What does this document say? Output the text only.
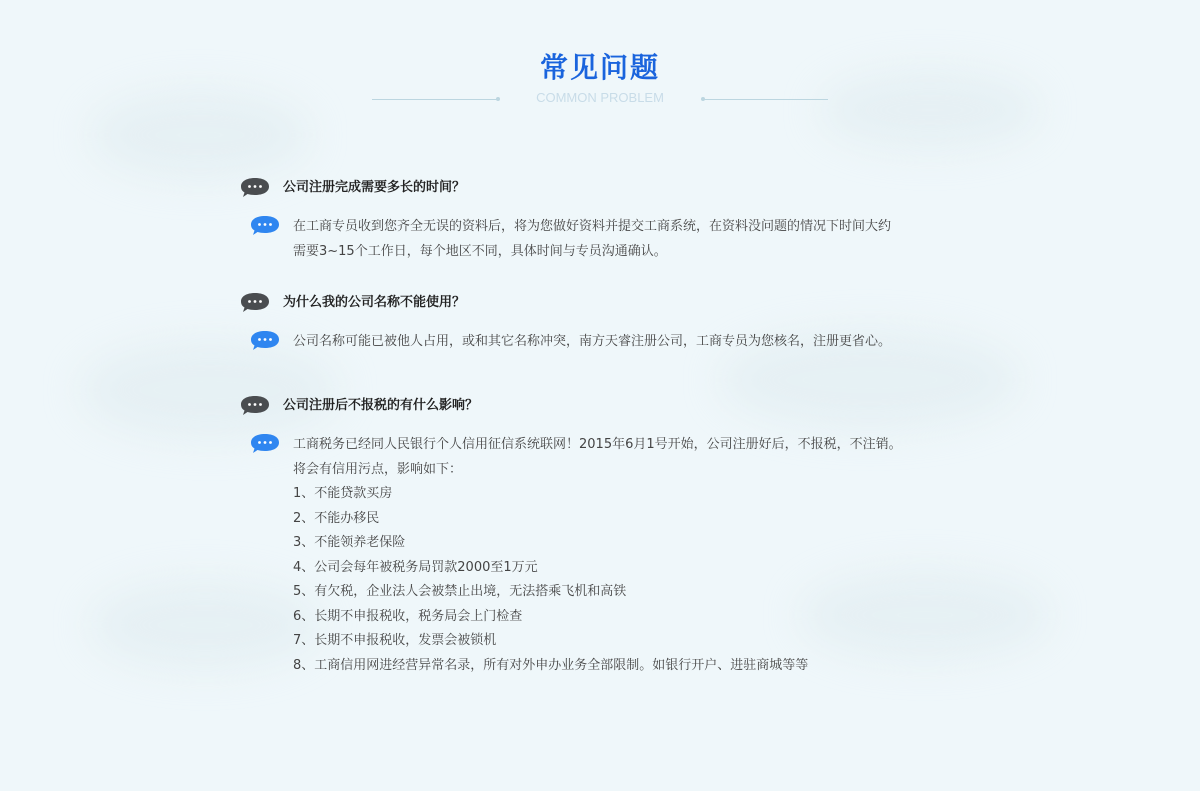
常见问题
COMMON PROBLEM
公司注册完成需要多长的时间？
在工商专员收到您齐全无误的资料后，将为您做好资料并提交工商系统，在资料没问题的情况下时间大约
需要3~15个工作日，每个地区不同，具体时间与专员沟通确认。
为什么我的公司名称不能使用？
公司名称可能已被他人占用，或和其它名称冲突，南方天睿注册公司，工商专员为您核名，注册更省心。
公司注册后不报税的有什么影响？
工商税务已经同人民银行个人信用征信系统联网！2015年6月1号开始，公司注册好后，不报税，不注销。
将会有信用污点，影响如下：
1、不能贷款买房
2、不能办移民
3、不能领养老保险
4、公司会每年被税务局罚款2000至1万元
5、有欠税，企业法人会被禁止出境，无法搭乘飞机和高铁
6、长期不申报税收，税务局会上门检查
7、长期不申报税收，发票会被锁机
8、工商信用网进经营异常名录，所有对外申办业务全部限制。如银行开户、进驻商城等等
